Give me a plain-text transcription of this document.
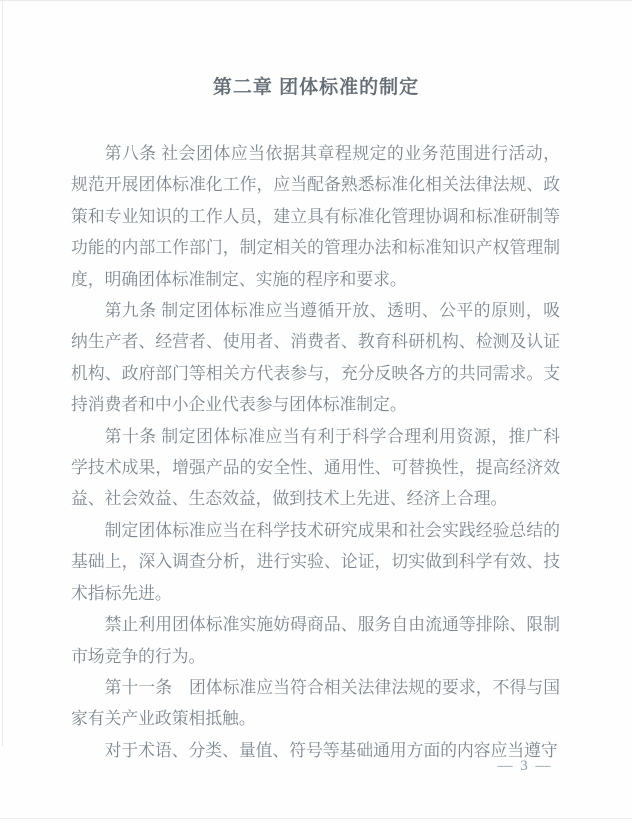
第二章 团体标准的制定

第八条 社会团体应当依据其章程规定的业务范围进行活动，规范开展团体标准化工作，应当配备熟悉标准化相关法律法规、政策和专业知识的工作人员，建立具有标准化管理协调和标准研制等功能的内部工作部门，制定相关的管理办法和标准知识产权管理制度，明确团体标准制定、实施的程序和要求。

第九条 制定团体标准应当遵循开放、透明、公平的原则，吸纳生产者、经营者、使用者、消费者、教育科研机构、检测及认证机构、政府部门等相关方代表参与，充分反映各方的共同需求。支持消费者和中小企业代表参与团体标准制定。

第十条 制定团体标准应当有利于科学合理利用资源，推广科学技术成果，增强产品的安全性、通用性、可替换性，提高经济效益、社会效益、生态效益，做到技术上先进、经济上合理。

制定团体标准应当在科学技术研究成果和社会实践经验总结的基础上，深入调查分析，进行实验、论证，切实做到科学有效、技术指标先进。

禁止利用团体标准实施妨碍商品、服务自由流通等排除、限制市场竞争的行为。

第十一条　团体标准应当符合相关法律法规的要求，不得与国家有关产业政策相抵触。

对于术语、分类、量值、符号等基础通用方面的内容应当遵守

— 3 —
